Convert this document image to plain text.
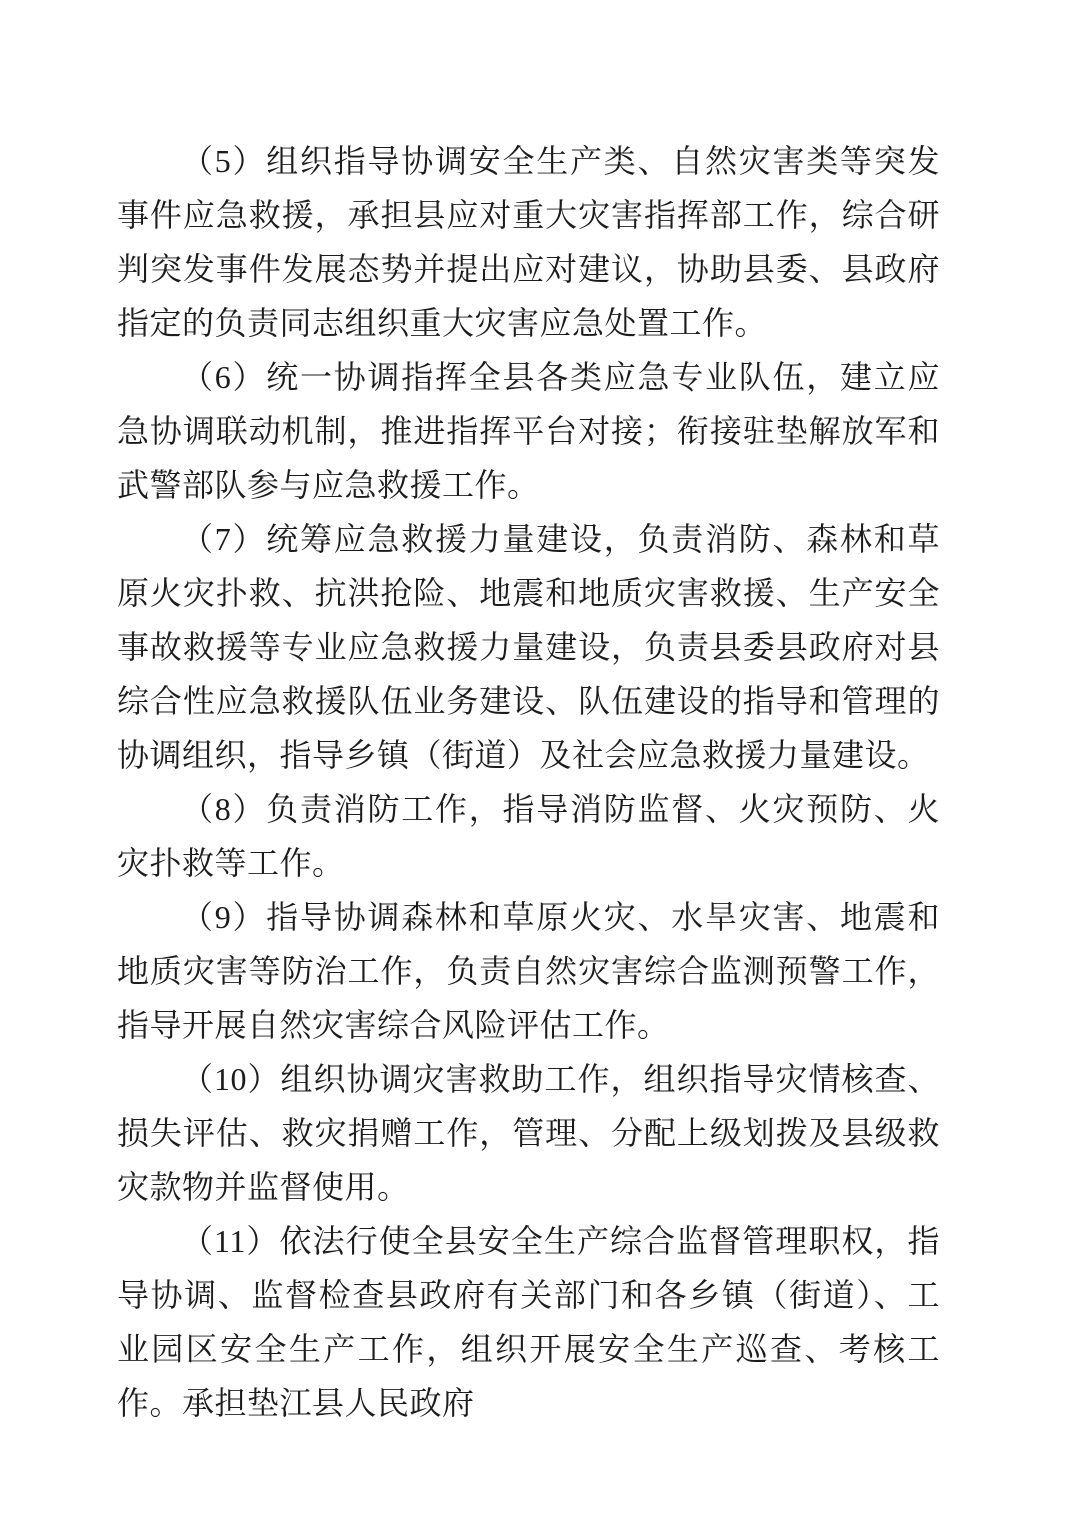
（5）组织指导协调安全生产类、自然灾害类等突发事件应急救援，承担县应对重大灾害指挥部工作，综合研判突发事件发展态势并提出应对建议，协助县委、县政府指定的负责同志组织重大灾害应急处置工作。

（6）统一协调指挥全县各类应急专业队伍，建立应急协调联动机制，推进指挥平台对接；衔接驻垫解放军和武警部队参与应急救援工作。

（7）统筹应急救援力量建设，负责消防、森林和草原火灾扑救、抗洪抢险、地震和地质灾害救援、生产安全事故救援等专业应急救援力量建设，负责县委县政府对县综合性应急救援队伍业务建设、队伍建设的指导和管理的协调组织，指导乡镇（街道）及社会应急救援力量建设。

（8）负责消防工作，指导消防监督、火灾预防、火灾扑救等工作。

（9）指导协调森林和草原火灾、水旱灾害、地震和地质灾害等防治工作，负责自然灾害综合监测预警工作，指导开展自然灾害综合风险评估工作。

（10）组织协调灾害救助工作，组织指导灾情核查、损失评估、救灾捐赠工作，管理、分配上级划拨及县级救灾款物并监督使用。

（11）依法行使全县安全生产综合监督管理职权，指导协调、监督检查县政府有关部门和各乡镇（街道）、工业园区安全生产工作，组织开展安全生产巡查、考核工作。承担垫江县人民政府
